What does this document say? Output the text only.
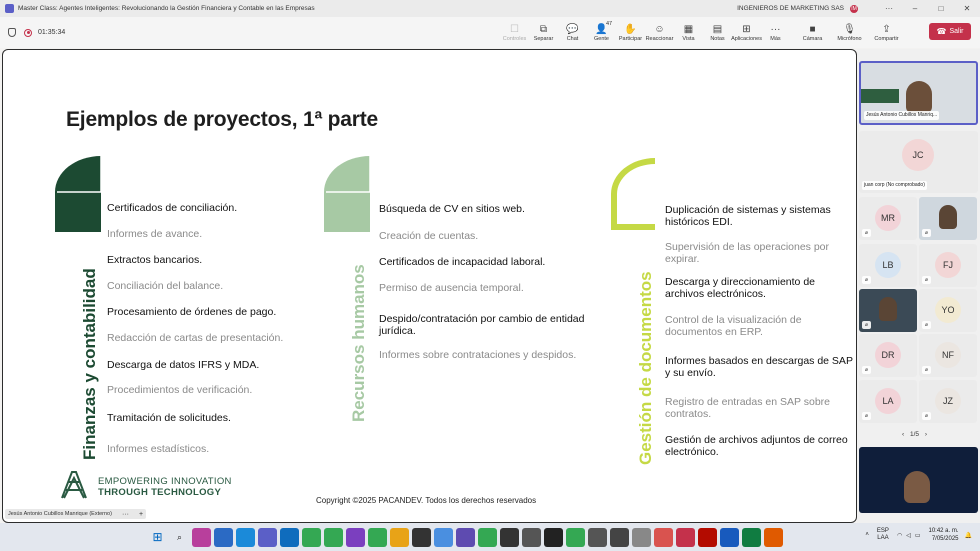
Master Class: Agentes Inteligentes: Revolucionando la Gestión Financiera y Contable en las Empresas	INGENIEROS DE MARKETING SAS IM	···	–	□	✕
01:35:34	☐
Controles
⧉
Separar
💬
Chat
👤
47
Gente
✋
Participar
☺
Reaccionar
▦
Vista
▤
Notas
⊞
Aplicaciones
···
Más
■
Cámara
🎙
Micrófono
⇪
Compartir
☎ Salir
Ejemplos de proyectos, 1ª parte
Finanzas y contabilidad	Recursos humanos	Gestión de documentos
Certificados de conciliación.
Informes de avance.
Extractos bancarios.
Conciliación del balance.
Procesamiento de órdenes de pago.
Redacción de cartas de presentación.
Descarga de datos IFRS y MDA.
Procedimientos de verificación.
Tramitación de solicitudes.
Informes estadísticos.
Búsqueda de CV en sitios web.
Creación de cuentas.
Certificados de incapacidad laboral.
Permiso de ausencia temporal.
Despido/contratación por cambio de entidad jurídica.
Informes sobre contrataciones y despidos.
Duplicación de sistemas y sistemas históricos EDI.
Supervisión de las operaciones por expirar.
Descarga y direccionamiento de archivos electrónicos.
Control de la visualización de documentos en ERP.
Informes basados en descargas de SAP y su envío.
Registro de entradas en SAP sobre contratos.
Gestión de archivos adjuntos de correo electrónico.
EMPOWERING INNOVATION
THROUGH TECHNOLOGY
Copyright ©2025 PACANDEV. Todos los derechos reservados
Jesús Antonio Cubillos Manrique (Externo) ··· +
Jesús Antonio Cubillos Manriq...
JC
juan corp (No comprobado)
MR
⌀	⌀
LB
⌀
FJ
⌀
⌀
YO
⌀
DR
⌀
NF
⌀
LA
⌀
JZ
⌀
‹ 1/5 ›
⊞	⌕	˄
ESP
LAA ◠ ◁ ▭
10:42 a. m.
7/05/2025
🔔
